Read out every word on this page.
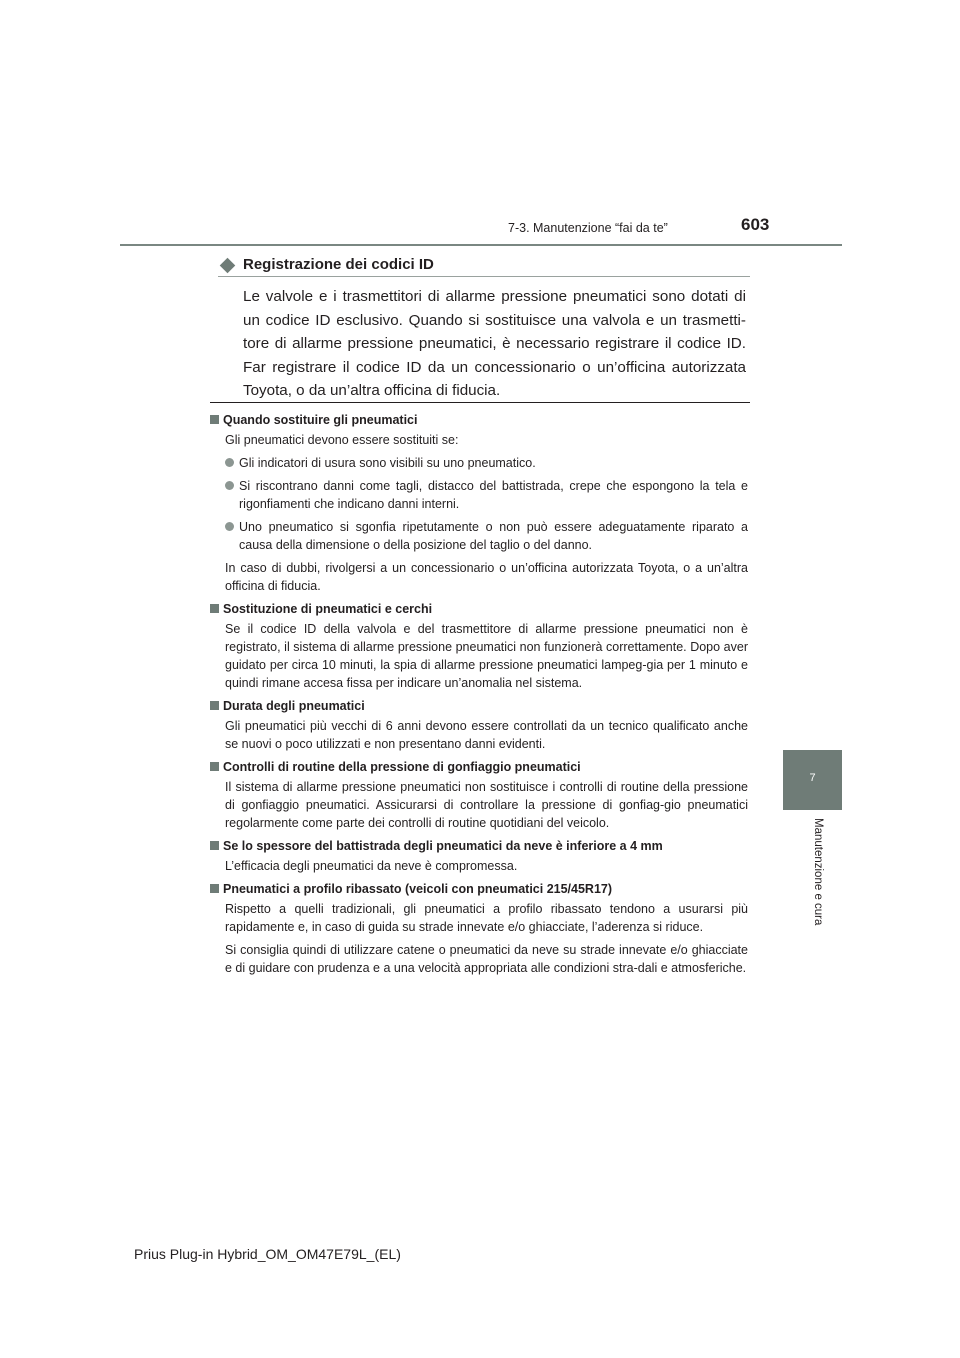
7-3. Manutenzione “fai da te”	603
7
Manutenzione e cura
Registrazione dei codici ID
Le valvole e i trasmettitori di allarme pressione pneumatici sono dotati di un codice ID esclusivo. Quando si sostituisce una valvola e un trasmetti-tore di allarme pressione pneumatici, è necessario registrare il codice ID. Far registrare il codice ID da un concessionario o un’officina autorizzata Toyota, o da un’altra officina di fiducia.
Quando sostituire gli pneumatici
Gli pneumatici devono essere sostituiti se:
Gli indicatori di usura sono visibili su uno pneumatico.
Si riscontrano danni come tagli, distacco del battistrada, crepe che espongono la tela e rigonfiamenti che indicano danni interni.
Uno pneumatico si sgonfia ripetutamente o non può essere adeguatamente riparato a causa della dimensione o della posizione del taglio o del danno.
In caso di dubbi, rivolgersi a un concessionario o un’officina autorizzata Toyota, o a un’altra officina di fiducia.
Sostituzione di pneumatici e cerchi
Se il codice ID della valvola e del trasmettitore di allarme pressione pneumatici non è registrato, il sistema di allarme pressione pneumatici non funzionerà correttamente. Dopo aver guidato per circa 10 minuti, la spia di allarme pressione pneumatici lampeg-gia per 1 minuto e quindi rimane accesa fissa per indicare un’anomalia nel sistema.
Durata degli pneumatici
Gli pneumatici più vecchi di 6 anni devono essere controllati da un tecnico qualificato anche se nuovi o poco utilizzati e non presentano danni evidenti.
Controlli di routine della pressione di gonfiaggio pneumatici
Il sistema di allarme pressione pneumatici non sostituisce i controlli di routine della pressione di gonfiaggio pneumatici. Assicurarsi di controllare la pressione di gonfiag-gio pneumatici regolarmente come parte dei controlli di routine quotidiani del veicolo.
Se lo spessore del battistrada degli pneumatici da neve è inferiore a 4 mm
L’efficacia degli pneumatici da neve è compromessa.
Pneumatici a profilo ribassato (veicoli con pneumatici 215/45R17)
Rispetto a quelli tradizionali, gli pneumatici a profilo ribassato tendono a usurarsi più rapidamente e, in caso di guida su strade innevate e/o ghiacciate, l’aderenza si riduce.
Si consiglia quindi di utilizzare catene o pneumatici da neve su strade innevate e/o ghiacciate e di guidare con prudenza e a una velocità appropriata alle condizioni stra-dali e atmosferiche.
Prius Plug-in Hybrid_OM_OM47E79L_(EL)
